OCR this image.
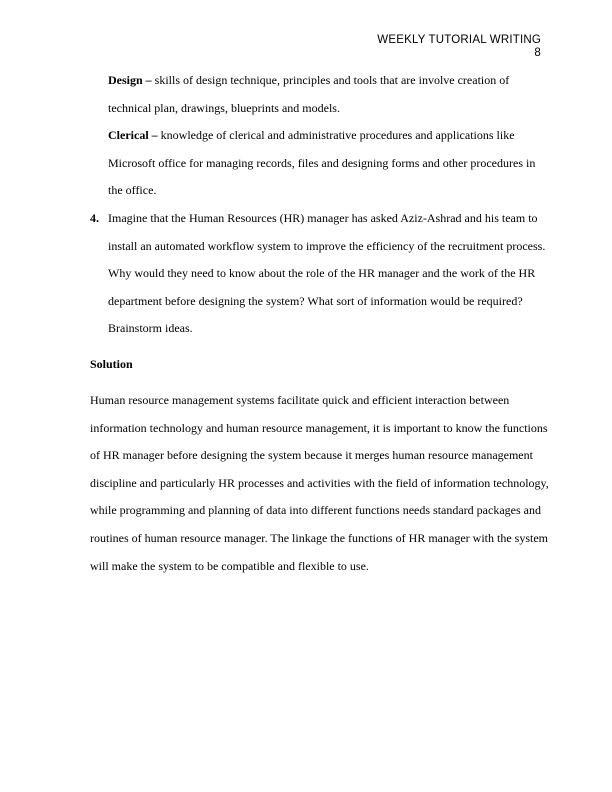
WEEKLY TUTORIAL WRITING
8

Design – skills of design technique, principles and tools that are involve creation of technical plan, drawings, blueprints and models.

Clerical – knowledge of clerical and administrative procedures and applications like Microsoft office for managing records, files and designing forms and other procedures in the office.

4. Imagine that the Human Resources (HR) manager has asked Aziz-Ashrad and his team to install an automated workflow system to improve the efficiency of the recruitment process. Why would they need to know about the role of the HR manager and the work of the HR department before designing the system? What sort of information would be required? Brainstorm ideas.

Solution

Human resource management systems facilitate quick and efficient interaction between information technology and human resource management, it is important to know the functions of HR manager before designing the system because it merges human resource management discipline and particularly HR processes and activities with the field of information technology, while programming and planning of data into different functions needs standard packages and routines of human resource manager. The linkage the functions of HR manager with the system will make the system to be compatible and flexible to use.
